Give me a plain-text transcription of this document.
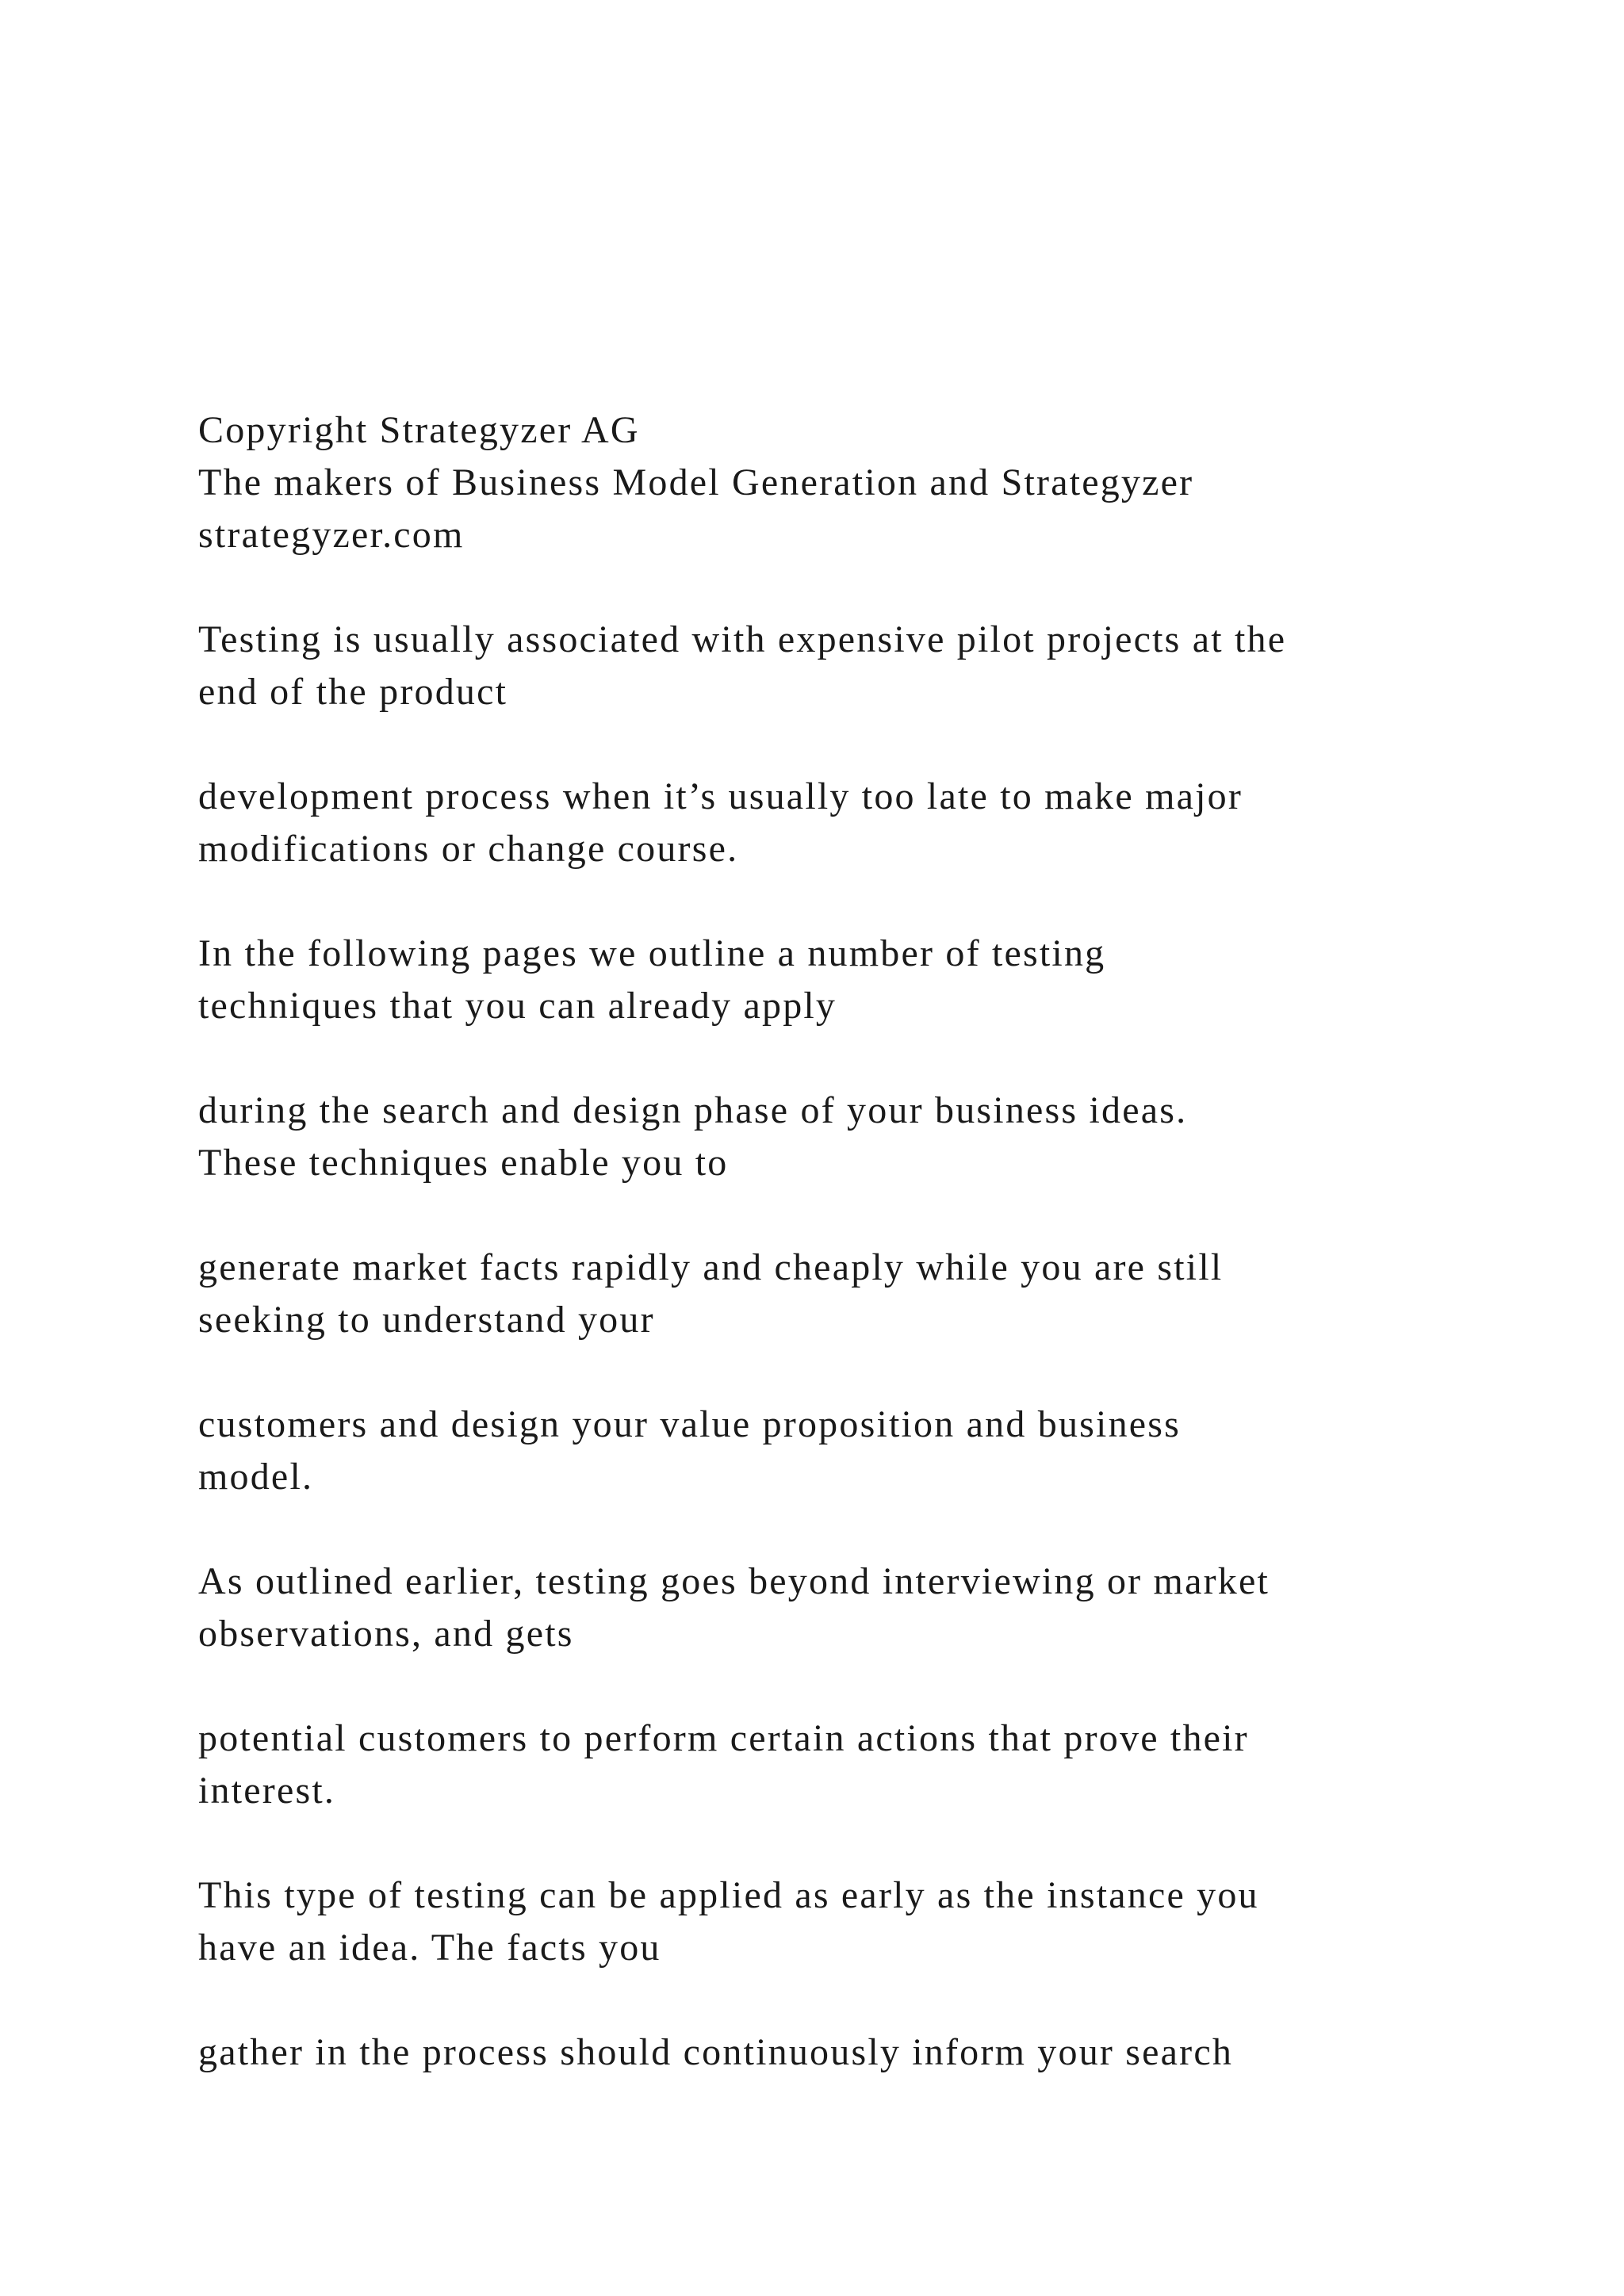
Copyright Strategyzer AG
The makers of Business Model Generation and Strategyzer
strategyzer.com
Testing is usually associated with expensive pilot projects at the
end of the product
development process when it’s usually too late to make major
modifications or change course.
In the following pages we outline a number of testing
techniques that you can already apply
during the search and design phase of your business ideas.
These techniques enable you to
generate market facts rapidly and cheaply while you are still
seeking to understand your
customers and design your value proposition and business
model.
As outlined earlier, testing goes beyond interviewing or market
observations, and gets
potential customers to perform certain actions that prove their
interest.
This type of testing can be applied as early as the instance you
have an idea. The facts you
gather in the process should continuously inform your search
